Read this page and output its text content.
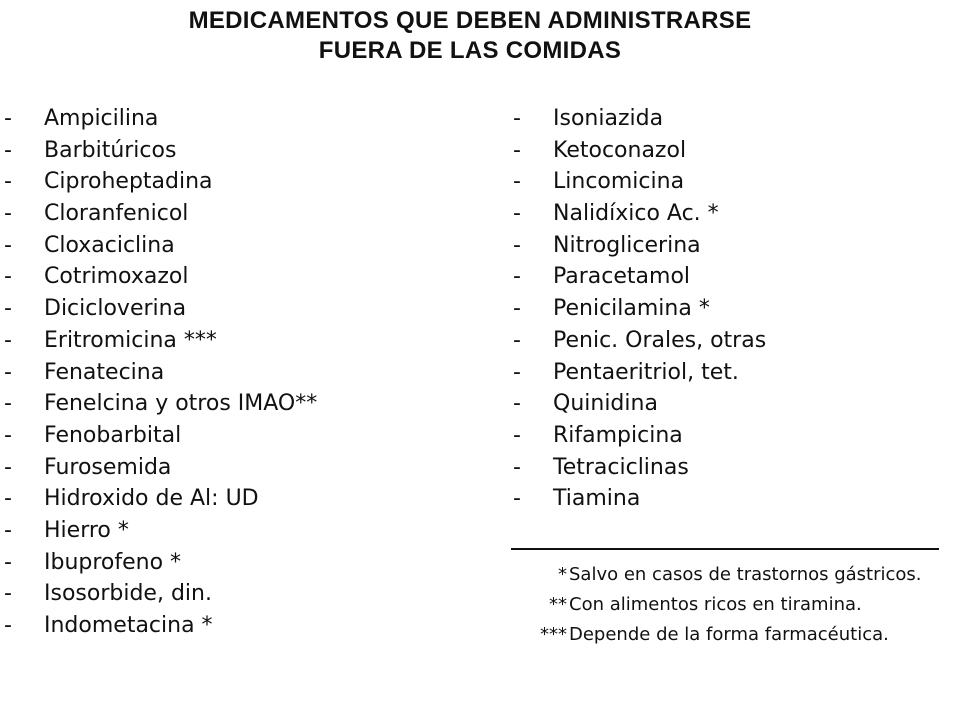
MEDICAMENTOS QUE DEBEN ADMINISTRARSE
FUERA DE LAS COMIDAS
- Ampicilina
- Barbitúricos
- Ciproheptadina
- Cloranfenicol
- Cloxaciclina
- Cotrimoxazol
- Dicicloverina
- Eritromicina ***
- Fenatecina
- Fenelcina y otros IMAO**
- Fenobarbital
- Furosemida
- Hidroxido de Al: UD
- Hierro *
- Ibuprofeno *
- Isosorbide, din.
- Indometacina *
- Isoniazida
- Ketoconazol
- Lincomicina
- Nalidíxico Ac. *
- Nitroglicerina
- Paracetamol
- Penicilamina *
- Penic. Orales, otras
- Pentaeritriol, tet.
- Quinidina
- Rifampicina
- Tetraciclinas
- Tiamina
* Salvo en casos de trastornos gástricos.
** Con alimentos ricos en tiramina.
*** Depende de la forma farmacéutica.
